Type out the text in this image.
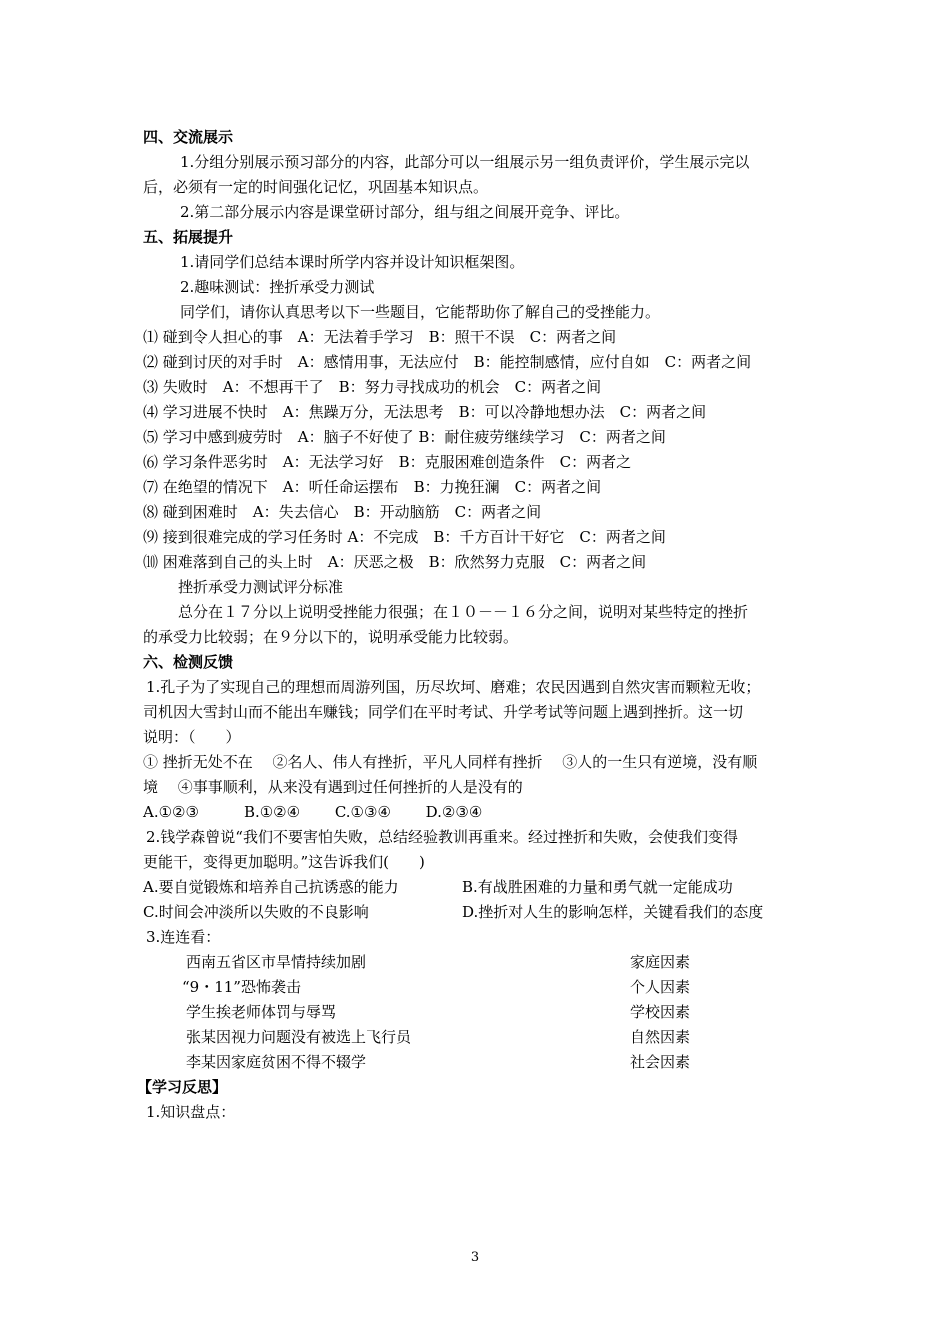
四、交流展示
1.分组分别展示预习部分的内容，此部分可以一组展示另一组负责评价，学生展示完以
后，必须有一定的时间强化记忆，巩固基本知识点。
2.第二部分展示内容是课堂研讨部分，组与组之间展开竞争、评比。
五、拓展提升
1.请同学们总结本课时所学内容并设计知识框架图。
2.趣味测试：挫折承受力测试
同学们，请你认真思考以下一些题目，它能帮助你了解自己的受挫能力。
⑴ 碰到令人担心的事　A：无法着手学习　B：照干不误　C：两者之间
⑵ 碰到讨厌的对手时　A：感情用事，无法应付　B：能控制感情，应付自如　C：两者之间
⑶ 失败时　A：不想再干了　B：努力寻找成功的机会　C：两者之间
⑷ 学习进展不快时　A：焦躁万分，无法思考　B：可以冷静地想办法　C：两者之间
⑸ 学习中感到疲劳时　A：脑子不好使了 B：耐住疲劳继续学习　C：两者之间
⑹ 学习条件恶劣时　A：无法学习好　B：克服困难创造条件　C：两者之
⑺ 在绝望的情况下　A：听任命运摆布　B：力挽狂澜　C：两者之间
⑻ 碰到困难时　A：失去信心　B：开动脑筋　C：两者之间
⑼ 接到很难完成的学习任务时 A：不完成　B：千方百计干好它　C：两者之间
⑽ 困难落到自己的头上时　A：厌恶之极　B：欣然努力克服　C：两者之间
挫折承受力测试评分标准
总分在１７分以上说明受挫能力很强；在１０－－１６分之间，说明对某些特定的挫折
的承受力比较弱；在９分以下的，说明承受能力比较弱。
六、检测反馈
1.孔子为了实现自己的理想而周游列国，历尽坎坷、磨难；农民因遇到自然灾害而颗粒无收；
司机因大雪封山而不能出车赚钱；同学们在平时考试、升学考试等问题上遇到挫折。这一切
说明：（　　）
① 挫折无处不在　 ②名人、伟人有挫折，平凡人同样有挫折　 ③人的一生只有逆境，没有顺
境　 ④事事顺利，从来没有遇到过任何挫折的人是没有的
A.①②③　　　B.①②④　　 C.①③④　　 D.②③④
2.钱学森曾说“我们不要害怕失败，总结经验教训再重来。经过挫折和失败，会使我们变得
更能干，变得更加聪明。”这告诉我们(　　)
A.要自觉锻炼和培养自己抗诱惑的能力	B.有战胜困难的力量和勇气就一定能成功
C.时间会冲淡所以失败的不良影响	D.挫折对人生的影响怎样，关键看我们的态度
3.连连看：
西南五省区市旱情持续加剧	家庭因素
“9・11”恐怖袭击	个人因素
学生挨老师体罚与辱骂	学校因素
张某因视力问题没有被选上飞行员	自然因素
李某因家庭贫困不得不辍学	社会因素
【学习反思】
1.知识盘点：
3
